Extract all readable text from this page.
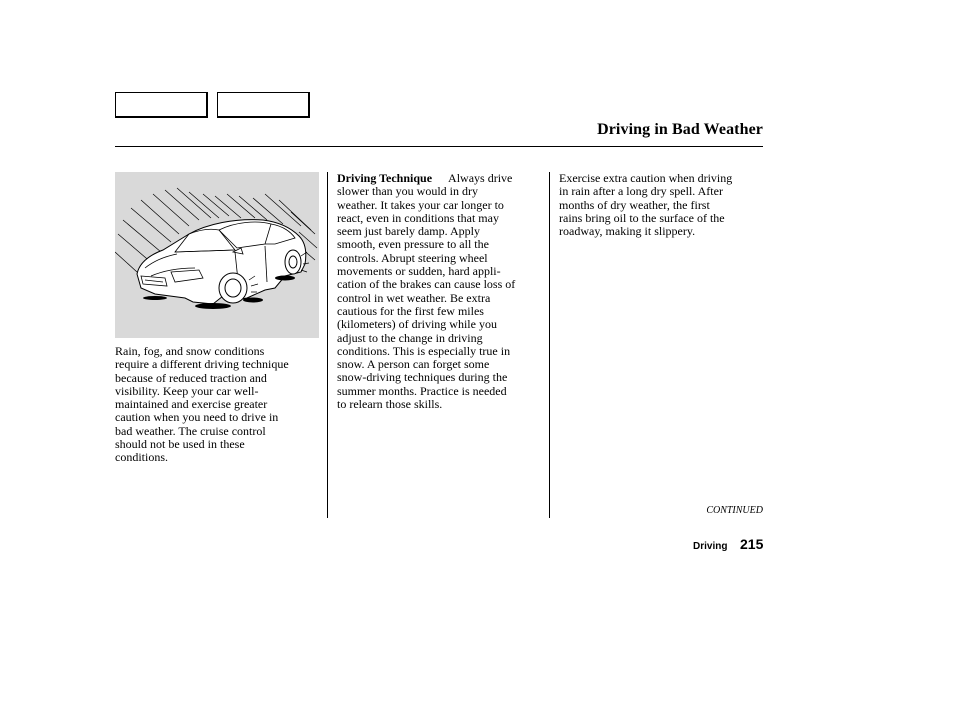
Driving in Bad Weather
Rain, fog, and snow conditions
require a different driving technique
because of reduced traction and
visibility. Keep your car well-
maintained and exercise greater
caution when you need to drive in
bad weather. The cruise control
should not be used in these
conditions.
Driving Technique Always drive
slower than you would in dry
weather. It takes your car longer to
react, even in conditions that may
seem just barely damp. Apply
smooth, even pressure to all the
controls. Abrupt steering wheel
movements or sudden, hard appli-
cation of the brakes can cause loss of
control in wet weather. Be extra
cautious for the first few miles
(kilometers) of driving while you
adjust to the change in driving
conditions. This is especially true in
snow. A person can forget some
snow-driving techniques during the
summer months. Practice is needed
to relearn those skills.
Exercise extra caution when driving
in rain after a long dry spell. After
months of dry weather, the first
rains bring oil to the surface of the
roadway, making it slippery.
CONTINUED
Driving 215
